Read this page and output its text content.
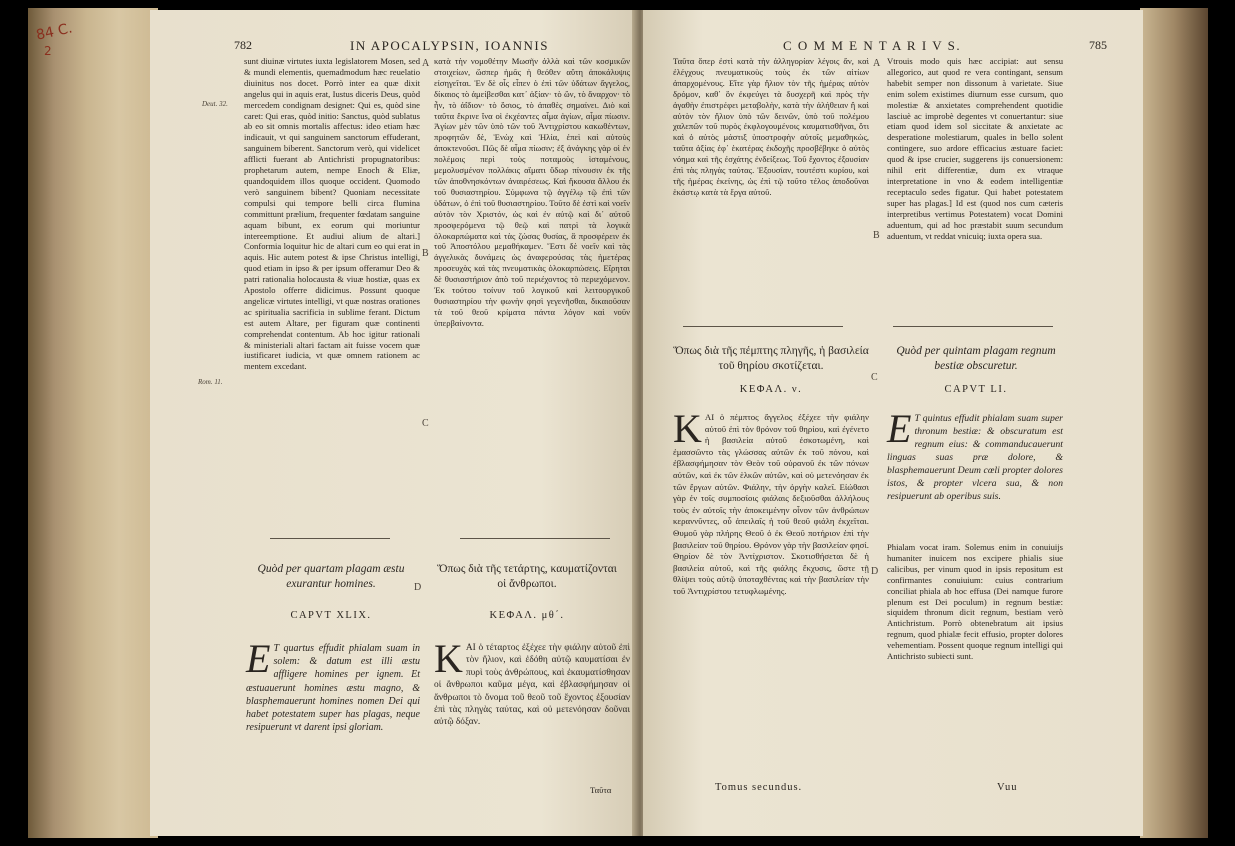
84 C.
2	782	IN APOCALYPSIN, IOANNIS
Deut. 32.
Rom. 11.

sunt diuinæ virtutes iuxta legislatorem Mosen, sed & mundi elementis, quemadmodum hæc reuelatio diuinitus nos docet. Porrò inter ea quæ dixit angelus qui in aquis erat, Iustus diceris Deus, quòd mercedem condignam designet: Qui es, quòd sine caret: Qui eras, quòd initio: Sanctus, quòd sublatus ab eo sit omnis mortalis affectus: ideo etiam hæc indicauit, vt qui sanguinem sanctorum effuderant, sanguinem biberent. Sanctorum verò, qui videlicet afflicti fuerant ab Antichristi propugnatoribus: prophetarum autem, nempe Enoch & Eliæ, quandoquidem illos quoque occident. Quomodo verò sanguinem bibent? Quoniam necessitate compulsi qui tempore belli circa flumina committunt prælium, frequenter fœdatam sanguine aquam bibunt, ex eorum qui moriuntur intereemptione. Et audiui alium de altari.] Conformia loquitur hic de altari cum eo qui erat in aquis. Hic autem potest & ipse Christus intelligi, quod etiam in ipso & per ipsum offeramur Deo & patri rationalia holocausta & viuæ hostiæ, quas ex Apostolo offerre didicimus. Possunt quoque angelicæ virtutes intelligi, vt quæ nostras orationes ac spiritualia sacrificia in sublime ferant. Dictum est autem Altare, per figuram quæ continenti comprehendat contentum. Ab hoc igitur rationali & ministeriali altari factam ait fuisse vocem quæ iustificaret iudicia, vt quæ omnem rationem ac mentem excedant.

A
B
C
D

κατὰ τὴν νομοθέτην Μωσῆν ἀλλὰ καὶ τῶν κοσμικῶν στοιχείων, ὥσπερ ἡμᾶς ἡ θεόθεν αὕτη ἀποκάλυψις εἰσηγεῖται. Ἐν δὲ οἷς εἶπεν ὁ ἐπὶ τῶν ὑδάτων ἄγγελος, δίκαιος τὸ ἀμείβεσθαι κατ᾽ ἀξίαν· τὸ ὢν, τὸ ἄναρχον· τὸ ἦν, τὸ ἀΐδιον· τὸ ὅσιος, τὸ ἀπαθὲς σημαίνει. Διὸ καὶ ταῦτα ἔκρινε ἵνα οἱ ἐκχέαντες αἷμα ἁγίων, αἷμα πίωσιν. Ἁγίων μὲν τῶν ὑπὸ τῶν τοῦ Ἀντιχρίστου κακωθέντων, προφητῶν δὲ, Ἐνὼχ καὶ Ἡλία, ἐπεὶ καὶ αὐτοὺς ἀποκτενοῦσι. Πῶς δὲ αἷμα πίωσιν; ἐξ ἀνάγκης γὰρ οἱ ἐν πολέμοις περὶ τοὺς ποταμοὺς ἱσταμένους, μεμολυσμένον πολλάκις αἵματι ὕδωρ πίνουσιν ἐκ τῆς τῶν ἀποθνησκόντων ἀναιρέσεως. Καὶ ἤκουσα ἄλλου ἐκ τοῦ θυσιαστηρίου. Σύμφωνα τῷ ἀγγέλῳ τῷ ἐπὶ τῶν ὑδάτων, ὁ ἐπὶ τοῦ θυσιαστηρίου. Τοῦτο δὲ ἐστὶ καὶ νοεῖν αὐτὸν τὸν Χριστόν, ὡς καὶ ἐν αὐτῷ καὶ δι᾽ αὐτοῦ προσφερόμενα τῷ θεῷ καὶ πατρὶ τὰ λογικὰ ὁλοκαρπώματα καὶ τὰς ζώσας θυσίας, ἃ προσφέρειν ἐκ τοῦ Ἀποστόλου μεμαθήκαμεν. Ἔστι δὲ νοεῖν καὶ τὰς ἀγγελικὰς δυνάμεις ὡς ἀναφερούσας τὰς ἡμετέρας προσευχὰς καὶ τὰς πνευματικὰς ὁλοκαρπώσεις. Εἴρηται δὲ θυσιαστήριον ἀπὸ τοῦ περιέχοντος τὸ περιεχόμενον. Ἐκ τούτου τοίνυν τοῦ λογικοῦ καὶ λειτουργικοῦ θυσιαστηρίου τὴν φωνὴν φησὶ γεγενῆσθαι, δικαιοῦσαν τὰ τοῦ θεοῦ κρίματα πάντα λόγον καὶ νοῦν ὑπερβαίνοντα.

Quòd per quartam plagam æstu exurantur homines.
Ὅπως διὰ τῆς τετάρτης, καυματίζονται οἱ ἄνθρωποι.
CAPVT XLIX.	ΚΕΦΑΛ. μθ΄.
E T quartus effudit phialam suam in solem: & datum est illi æstu affligere homines per ignem. Et æstuauerunt homines æstu magno, & blasphemauerunt homines nomen Dei qui habet potestatem super has plagas, neque resipuerunt vt darent ipsi gloriam.
KΑΙ ὁ τέταρτος ἐξέχεε τὴν φιάλην αὐτοῦ ἐπὶ τὸν ἥλιον, καὶ ἐδόθη αὐτῷ καυματίσαι ἐν πυρὶ τοὺς ἀνθρώπους, καὶ ἐκαυματίσθησαν οἱ ἄνθρωποι καῦμα μέγα, καὶ ἐβλασφήμησαν οἱ ἄνθρωποι τὸ ὄνομα τοῦ θεοῦ τοῦ ἔχοντος ἐξουσίαν ἐπὶ τὰς πληγὰς ταύτας, καὶ οὐ μετενόησαν δοῦναι αὐτῷ δόξαν.
Ταῦτα
C O M M E N T A R I V S.	785

Ταῦτα ὅπερ ἐστὶ κατὰ τὴν ἀλληγορίαν λέγοις ἄν, καὶ ἐλέγχους πνευματικοὺς τοὺς ἐκ τῶν αἰτίων ἀπαρχομένους. Εἴτε γὰρ ἥλιον τὸν τῆς ἡμέρας αὐτὸν δρόμον, καθ᾽ ὃν ἐκφεύγει τὰ δυσχερῆ καὶ πρὸς τὴν ἀγαθὴν ἐπιστρέφει μεταβολὴν, κατὰ τὴν ἀλήθειαν ἢ καὶ αὐτὸν τὸν ἥλιον ὑπὸ τῶν δεινῶν, ὑπὸ τοῦ πολέμου χαλεπῶν τοῦ πυρὸς ἐκφλογουμένοις καυματισθῆναι, ὅτι καὶ ὁ αὐτὸς μάστιξ ὑποστροφὴν αὐτοῖς μεμαθηκὼς, ταῦτα ἀξίας ἐφ᾽ ἑκατέρας ἐκδοχῆς προσβέβηκε ὁ αὐτὸς νόημα καὶ τῆς ἐσχάτης ἐνδείξεως. Τοῦ ἔχοντος ἐξουσίαν ἐπὶ τὰς πληγὰς ταύτας. Ἐξουσίαν, τουτέστι κυρίου, καὶ τῆς ἡμέρας ἐκείνης, ὡς ἐπὶ τῷ τοῦτο τέλος ἀποδοῦναι ἑκάστῳ κατὰ τὰ ἔργα αὐτοῦ.

A
B
C
D

Vtrouis modo quis hæc accipiat: aut sensu allegorico, aut quod re vera contingant, sensum habebit semper non dissonum à varietate. Siue enim solem existimes diurnum esse cursum, quo molestiæ & anxietates comprehendent quotidie lasciuè ac improbè degentes vt conuertantur: siue etiam quod idem sol siccitate & anxietate ac desperatione molestiarum, quales in bello solent contingere, suo ardore efficacius æstuare faciet: quod & ipse crucier, suggerens ijs conuersionem: nihil erit differentiæ, dum ex vtraque interpretatione in vno & eodem intelligentiæ receptaculo sedes figatur. Qui habet potestatem super has plagas.] Id est (quod nos cum cæteris interpretibus vertimus Potestatem) vocat Domini aduentum, qui ad hoc præstabit suum secundum aduentum, vt reddat vnicuiq; iuxta opera sua.

Ὅπως διὰ τῆς πέμπτης πληγῆς, ἡ βασιλεία τοῦ θηρίου σκοτίζεται.
Quòd per quintam plagam regnum bestiæ obscuretur.
ΚΕΦΑΛ. ν.	CAPVT LI.
KΑΙ ὁ πέμπτος ἄγγελος ἐξέχεε τὴν φιάλην αὐτοῦ ἐπὶ τὸν θρόνον τοῦ θηρίου, καὶ ἐγένετο ἡ βασιλεία αὐτοῦ ἐσκοτωμένη, καὶ ἐμασσῶντο τὰς γλώσσας αὐτῶν ἐκ τοῦ πόνου, καὶ ἐβλασφήμησαν τὸν Θεὸν τοῦ οὐρανοῦ ἐκ τῶν πόνων αὐτῶν, καὶ ἐκ τῶν ἑλκῶν αὐτῶν, καὶ οὐ μετενόησαν ἐκ τῶν ἔργων αὐτῶν. Φιάλην, τὴν ὀργὴν καλεῖ. Εἰώθασι γὰρ ἐν τοῖς συμποσίοις φιάλαις δεξιοῦσθαι ἀλλήλους τοὺς ἐν αὐτοῖς τὴν ἀποκειμένην οἶνον τῶν ἀνθρώπων κεραννῦντες, οὗ ἀπειλαῖς ἡ τοῦ θεοῦ φιάλη ἐκχεῖται. Θυμοῦ γὰρ πλήρης Θεοῦ ὁ ἐκ Θεοῦ ποτήριον ἐπὶ τὴν βασιλείαν τοῦ θηρίου. Θρόνον γὰρ τὴν βασιλείαν φησί. Θηρίον δὲ τὸν Ἀντίχριστον. Σκοτισθήσεται δὲ ἡ βασιλεία αὐτοῦ, καὶ τῆς φιάλης ἔκχυσις, ὥστε τῇ θλίψει τοὺς αὐτῷ ὑποταχθέντας καὶ τὴν βασιλείαν τὴν τοῦ Ἀντιχρίστου τετυφλωμένης.
E T quintus effudit phialam suam super thronum bestiæ: & obscuratum est regnum eius: & commanducauerunt linguas suas præ dolore, & blasphemauerunt Deum cœli propter dolores istos, & propter vlcera sua, & non resipuerunt ab operibus suis.

Phialam vocat iram. Solemus enim in conuiuijs humaniter inuicem nos excipere phialis siue calicibus, per vinum quod in ipsis repositum est confirmantes conuiuium: cuius contrarium conciliat phiala ab hoc effusa (Dei namque furore plenum est Dei poculum) in regnum bestiæ: siquidem thronum dicit regnum, bestiam verò Antichristum. Porrò obtenebratum ait ipsius regnum, quod phialæ fecit effusio, propter dolores vehementiam. Possent quoque regnum intelligi qui Antichristo subiecti sunt.

Tomus secundus.	Vuu
